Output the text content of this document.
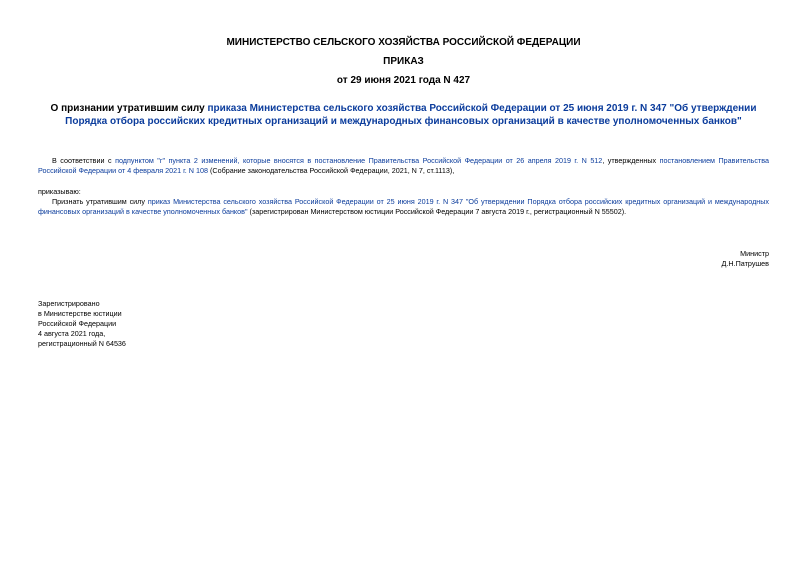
МИНИСТЕРСТВО СЕЛЬСКОГО ХОЗЯЙСТВА РОССИЙСКОЙ ФЕДЕРАЦИИ
ПРИКАЗ
от 29 июня 2021 года N 427
О признании утратившим силу приказа Министерства сельского хозяйства Российской Федерации от 25 июня 2019 г. N 347 "Об утверждении Порядка отбора российских кредитных организаций и международных финансовых организаций в качестве уполномоченных банков"
В соответствии с подпунктом "г" пункта 2 изменений, которые вносятся в постановление Правительства Российской Федерации от 26 апреля 2019 г. N 512, утвержденных постановлением Правительства Российской Федерации от 4 февраля 2021 г. N 108 (Собрание законодательства Российской Федерации, 2021, N 7, ст.1113),
приказываю:
Признать утратившим силу приказ Министерства сельского хозяйства Российской Федерации от 25 июня 2019 г. N 347 "Об утверждении Порядка отбора российских кредитных организаций и международных финансовых организаций в качестве уполномоченных банков" (зарегистрирован Министерством юстиции Российской Федерации 7 августа 2019 г., регистрационный N 55502).
Министр
Д.Н.Патрушев
Зарегистрировано
в Министерстве юстиции
Российской Федерации
4 августа 2021 года,
регистрационный N 64536
